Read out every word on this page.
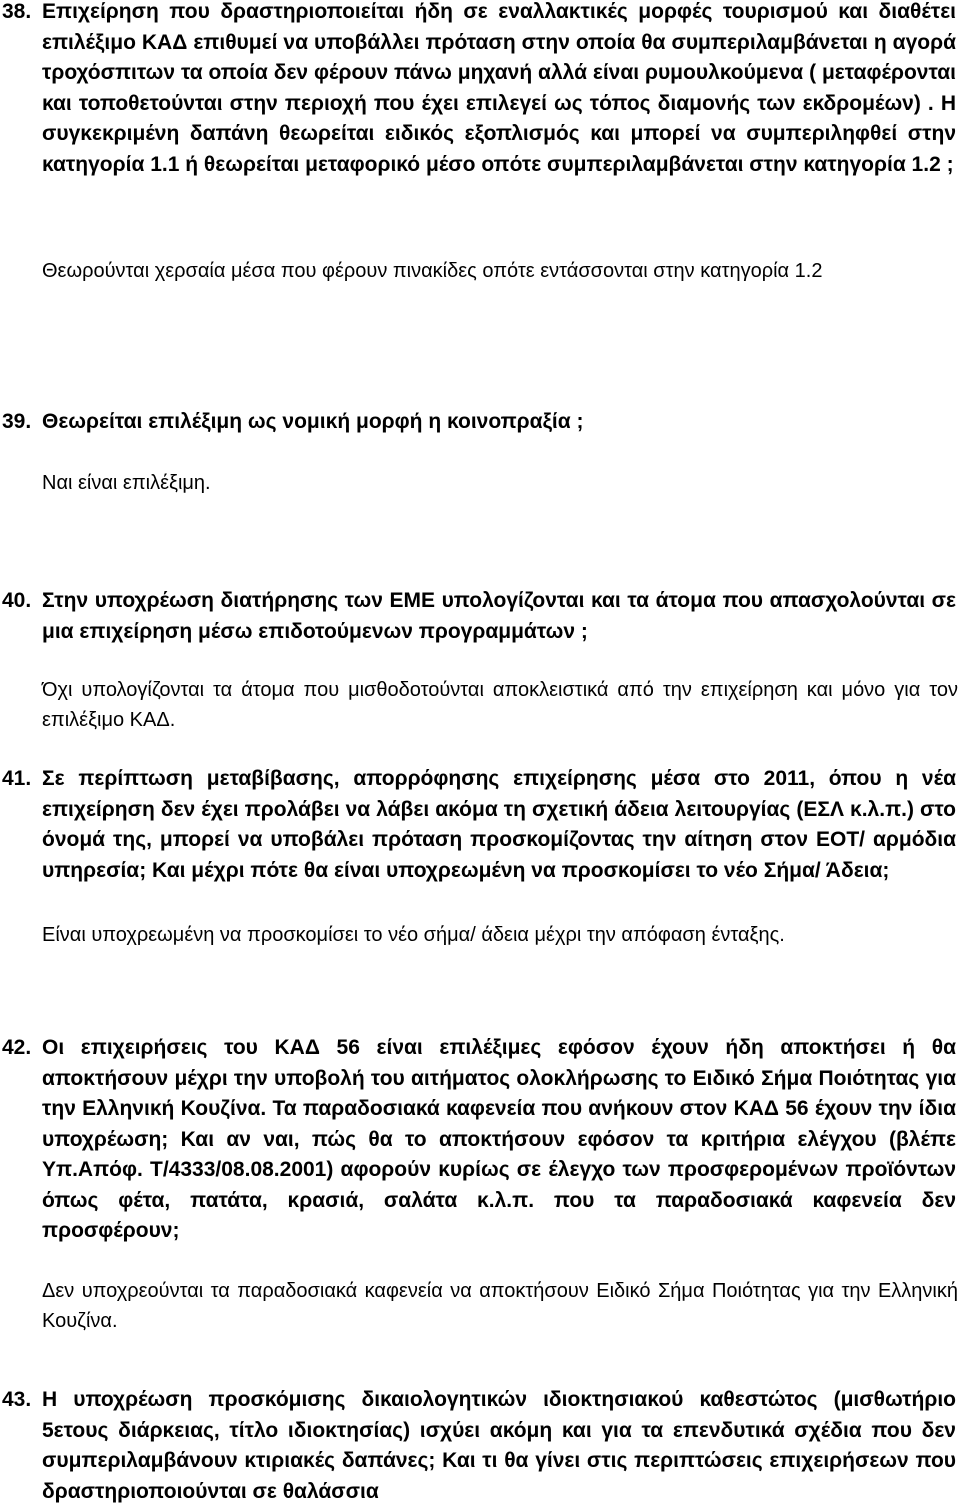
38. Επιχείρηση που δραστηριοποιείται ήδη σε εναλλακτικές μορφές τουρισμού και διαθέτει επιλέξιμο ΚΑΔ επιθυμεί να υποβάλλει πρόταση στην οποία θα συμπεριλαμβάνεται η αγορά τροχόσπιτων τα οποία δεν φέρουν πάνω μηχανή αλλά είναι ρυμουλκούμενα ( μεταφέρονται και τοποθετούνται στην περιοχή που έχει επιλεγεί ως τόπος διαμονής των εκδρομέων) . Η συγκεκριμένη δαπάνη θεωρείται ειδικός εξοπλισμός και μπορεί να συμπεριληφθεί στην κατηγορία 1.1 ή θεωρείται μεταφορικό μέσο οπότε συμπεριλαμβάνεται στην κατηγορία 1.2 ;
Θεωρούνται χερσαία μέσα που φέρουν πινακίδες οπότε εντάσσονται στην κατηγορία 1.2
39. Θεωρείται επιλέξιμη ως νομική μορφή η κοινοπραξία ;
Ναι είναι επιλέξιμη.
40. Στην υποχρέωση διατήρησης των ΕΜΕ υπολογίζονται και τα άτομα που απασχολούνται σε μια επιχείρηση μέσω επιδοτούμενων προγραμμάτων ;
Όχι υπολογίζονται τα άτομα που μισθοδοτούνται αποκλειστικά από την επιχείρηση και μόνο για τον επιλέξιμο ΚΑΔ.
41. Σε περίπτωση μεταβίβασης, απορρόφησης επιχείρησης μέσα στο 2011, όπου η νέα επιχείρηση δεν έχει προλάβει να λάβει ακόμα τη σχετική άδεια λειτουργίας (ΕΣΛ κ.λ.π.) στο όνομά της, μπορεί να υποβάλει πρόταση προσκομίζοντας την αίτηση στον ΕΟΤ/ αρμόδια υπηρεσία; Και μέχρι πότε θα είναι υποχρεωμένη να προσκομίσει το νέο Σήμα/ Άδεια;
Είναι υποχρεωμένη να προσκομίσει το νέο σήμα/ άδεια μέχρι την απόφαση ένταξης.
42. Οι επιχειρήσεις του ΚΑΔ 56 είναι επιλέξιμες εφόσον έχουν ήδη αποκτήσει ή θα αποκτήσουν μέχρι την υποβολή του αιτήματος ολοκλήρωσης το Ειδικό Σήμα Ποιότητας για την Ελληνική Κουζίνα. Τα παραδοσιακά καφενεία που ανήκουν στον ΚΑΔ 56 έχουν την ίδια υποχρέωση; Και αν ναι, πώς θα το αποκτήσουν εφόσον τα κριτήρια ελέγχου (βλέπε Υπ.Απόφ. Τ/4333/08.08.2001) αφορούν κυρίως σε έλεγχο των προσφερομένων προϊόντων όπως φέτα, πατάτα, κρασιά, σαλάτα κ.λ.π. που τα παραδοσιακά καφενεία δεν προσφέρουν;
Δεν υποχρεούνται τα παραδοσιακά καφενεία να αποκτήσουν Ειδικό Σήμα Ποιότητας για την Ελληνική Κουζίνα.
43. Η υποχρέωση προσκόμισης δικαιολογητικών ιδιοκτησιακού καθεστώτος (μισθωτήριο 5ετους διάρκειας, τίτλο ιδιοκτησίας) ισχύει ακόμη και για τα επενδυτικά σχέδια που δεν συμπεριλαμβάνουν κτιριακές δαπάνες; Και τι θα γίνει στις περιπτώσεις επιχειρήσεων που δραστηριοποιούνται σε θαλάσσια
